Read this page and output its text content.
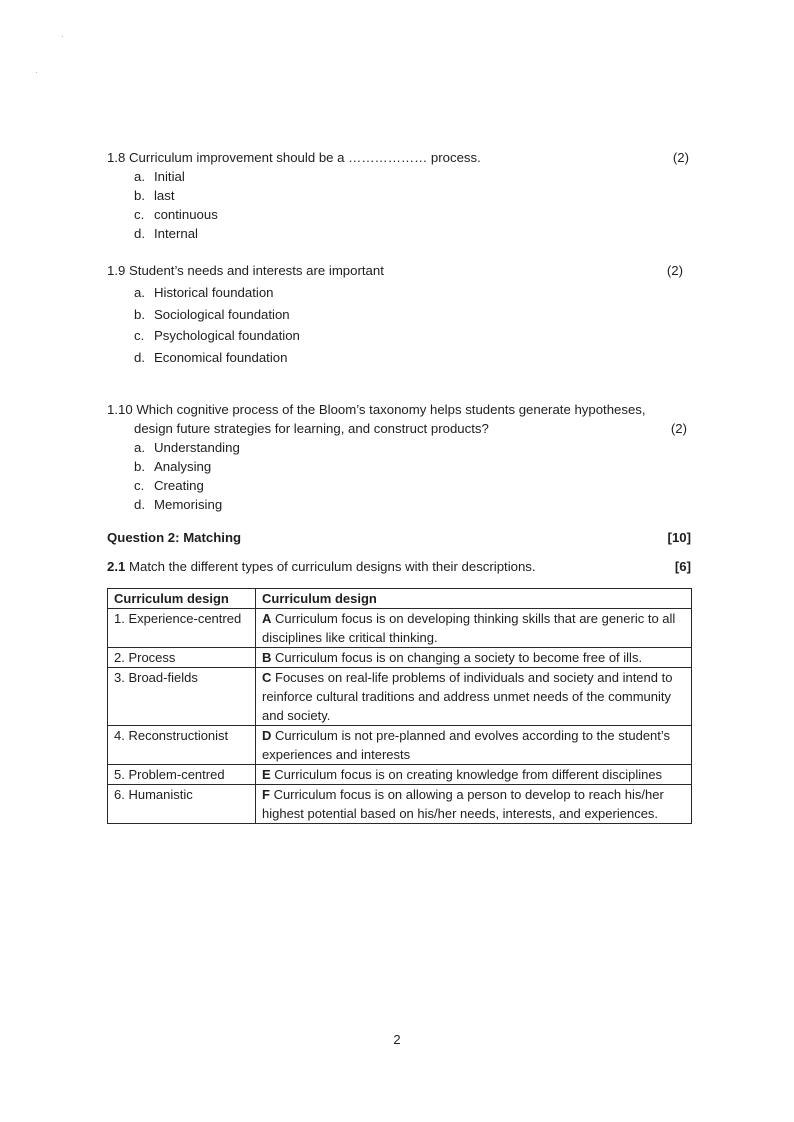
1.8 Curriculum improvement should be a ……………… process.	(2)
a. Initial
b. last
c. continuous
d. Internal
1.9 Student’s needs and interests are important	(2)
a. Historical foundation
b. Sociological foundation
c. Psychological foundation
d. Economical foundation
1.10 Which cognitive process of the Bloom’s taxonomy helps students generate hypotheses,
design future strategies for learning, and construct products?	(2)
a. Understanding
b. Analysing
c. Creating
d. Memorising
Question 2: Matching	[10]
2.1 Match the different types of curriculum designs with their descriptions.	[6]
Curriculum design	Curriculum design
1. Experience-centred	A Curriculum focus is on developing thinking skills that are generic to all disciplines like critical thinking.
2. Process	B Curriculum focus is on changing a society to become free of ills.
3. Broad-fields	C Focuses on real-life problems of individuals and society and intend to reinforce cultural traditions and address unmet needs of the community and society.
4. Reconstructionist	D Curriculum is not pre-planned and evolves according to the student’s experiences and interests
5. Problem-centred	E Curriculum focus is on creating knowledge from different disciplines
6. Humanistic	F Curriculum focus is on allowing a person to develop to reach his/her highest potential based on his/her needs, interests, and experiences.
2
